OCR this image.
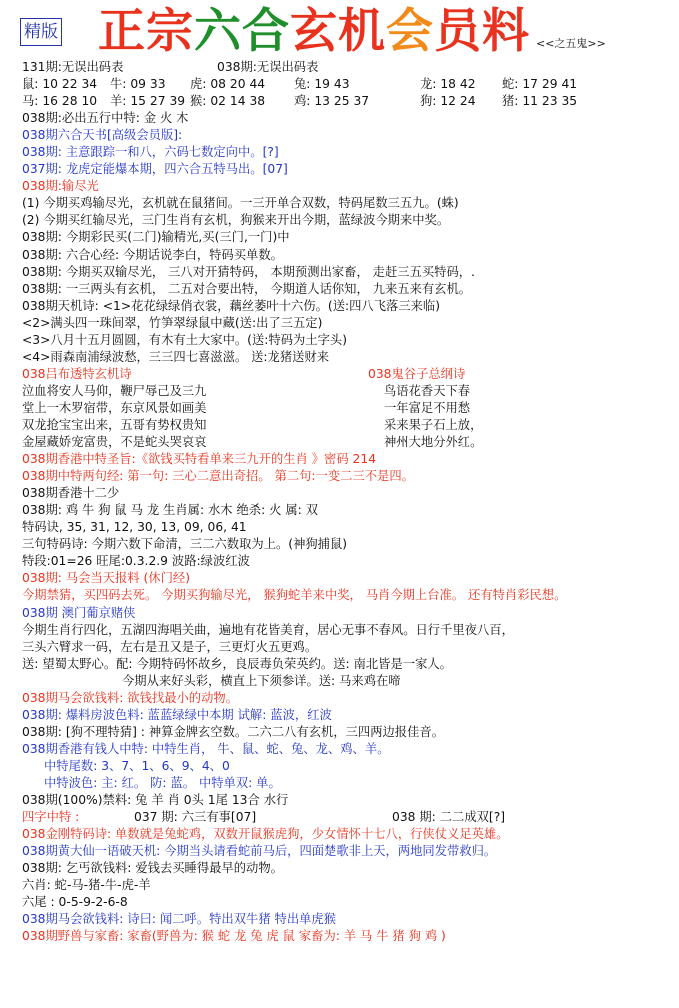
精版 正宗六合玄机会员料 <<之五鬼>>
131期:无误出码表	038期:无误出码表
鼠: 10 22 34 牛: 09 33 虎: 08 20 44 兔: 19 43	龙: 18 42 蛇: 17 29 41
马: 16 28 10 羊: 15 27 39 猴: 02 14 38 鸡: 13 25 37	狗: 12 24 猪: 11 23 35
038期:必出五行中特: 金 火 木
038期六合天书[高级会员版]:
038期: 主意跟踪一和八，六码七数定向中。[?]
037期: 龙虎定能爆本期，四六合五特马出。[07]
038期:输尽光
(1) 今期买鸡输尽光，玄机就在鼠猪间。一三开单合双数，特码尾数三五九。(蛛)
(2) 今期买红输尽光，三门生肖有玄机，狗猴来开出今期，蓝绿波今期来中奖。
038期: 今期彩民买(二门)输精光,买(三门,一门)中
038期: 六合心经: 今期话说李白，特码买单数。
038期: 今期买双输尽光， 三八对开猜特码， 本期预测出家畜， 走赶三五买特码，.
038期: 一三两头有玄机， 二五对合要出特， 今期道人话你知， 九来五来有玄机。
038期天机诗: <1>花花绿绿俏衣裳，藕丝萎叶十六伤。(送:四八飞落三来临)
<2>满头四一珠间翠，竹笋翠绿鼠中藏(送:出了三五定)
<3>八月十五月圆圆，有木有土大家中。(送:特码为土字头)
<4>雨森南浦绿波愁，三三四七喜滋滋。 送:龙猪送财来
038吕布透特玄机诗	038鬼谷子总纲诗
泣血将安人马仰，鞭尸辱己及三九	鸟语花香天下春
堂上一木罗宿带，东京风景如画美	一年富足不用愁
双龙抢宝宝出来，五哥有势权贵知	采来果子石上放，
金屋藏娇宠富贵，不是蛇头哭哀哀	神州大地分外红。
038期香港中特圣旨:《欲钱买特看单来三九开的生肖 》密码 214
038期中特两句经: 第一句: 三心二意出奇招。 第二句:一变二三不是四。
038期香港十二少
038期: 鸡 牛 狗 鼠 马 龙 生肖属: 水木 绝杀: 火 属: 双
特码诀, 35, 31, 12, 30, 13, 09, 06, 41
三句特码诗: 今期六数下命清，三二六数取为上。(神狗捕鼠)
特段:01=26 旺尾:0.3.2.9 波路:绿波红波
038期: 马会当天报料 (休门经)
今期禁猜，买四码去死。 今期买狗输尽光， 猴狗蛇羊来中奖， 马肖今期上台准。 还有特肖彩民想。
038期 澳门葡京赌侠
今期生肖行四化，五湖四海唱关曲，遍地有花皆美育，居心无事不春风。日行千里夜八百，
三头六臂求一码，左右是丑又是子，三更灯火五更鸡。
送: 望蜀太野心。配: 今期特码怀故乡，良辰毒负荣英约。送: 南北皆是一家人。
今期从来好头彩，横直上下须参详。送: 马来鸡在啼
038期马会欲钱料: 欲钱找最小的动物。
038期: 爆料房波色料: 蓝蓝绿绿中本期 试解: 蓝波，红波
038期: [狗不理特猜] : 神算金牌玄空数。二六二八有玄机，三四两边报佳音。
038期香港有钱人中特: 中特生肖， 牛、鼠、蛇、兔、龙、鸡、羊。
中特尾数: 3、7、1、6、9、4、0
中特波色: 主: 红。 防: 蓝。 中特单双: 单。
038期(100%)禁料: 兔 羊 肖 0头 1尾 13合 水行
四字中特 :	037 期: 六三有事[07]	038 期: 二二成双[?]
038金刚特码诗: 单数就是兔蛇鸡，双数开鼠猴虎狗，少女情怀十七八，行侠仗义足英雄。
038期黄大仙一语破天机: 今期当头请看蛇前马后，四面楚歌非上天，两地同发带救归。
038期: 乞丐欲钱料: 爱钱去买睡得最早的动物。
六肖: 蛇-马-猪-牛-虎-羊
六尾 : 0-5-9-2-6-8
038期马会欲钱料: 诗曰: 闻二呼。特出双牛猪 特出单虎猴
038期野兽与家畜: 家畜(野兽为: 猴 蛇 龙 兔 虎 鼠 家畜为: 羊 马 牛 猪 狗 鸡 )
